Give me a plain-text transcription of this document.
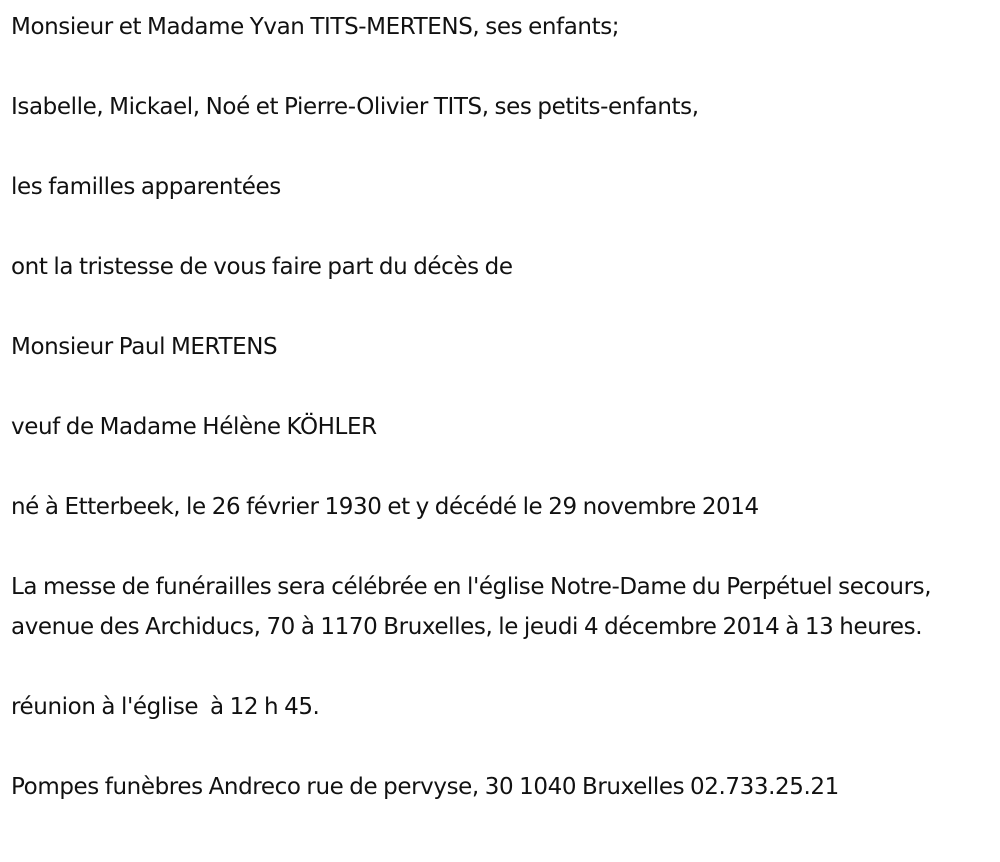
Monsieur et Madame Yvan TITS-MERTENS, ses enfants;

Isabelle, Mickael, Noé et Pierre-Olivier TITS, ses petits-enfants,

les familles apparentées

ont la tristesse de vous faire part du décès de

Monsieur Paul MERTENS

veuf de Madame Hélène KÖHLER

né à Etterbeek, le 26 février 1930 et y décédé le 29 novembre 2014

La messe de funérailles sera célébrée en l'église Notre-Dame du Perpétuel secours, avenue des Archiducs, 70 à 1170 Bruxelles, le jeudi 4 décembre 2014 à 13 heures.

réunion à l'église  à 12 h 45.

Pompes funèbres Andreco rue de pervyse, 30 1040 Bruxelles 02.733.25.21
